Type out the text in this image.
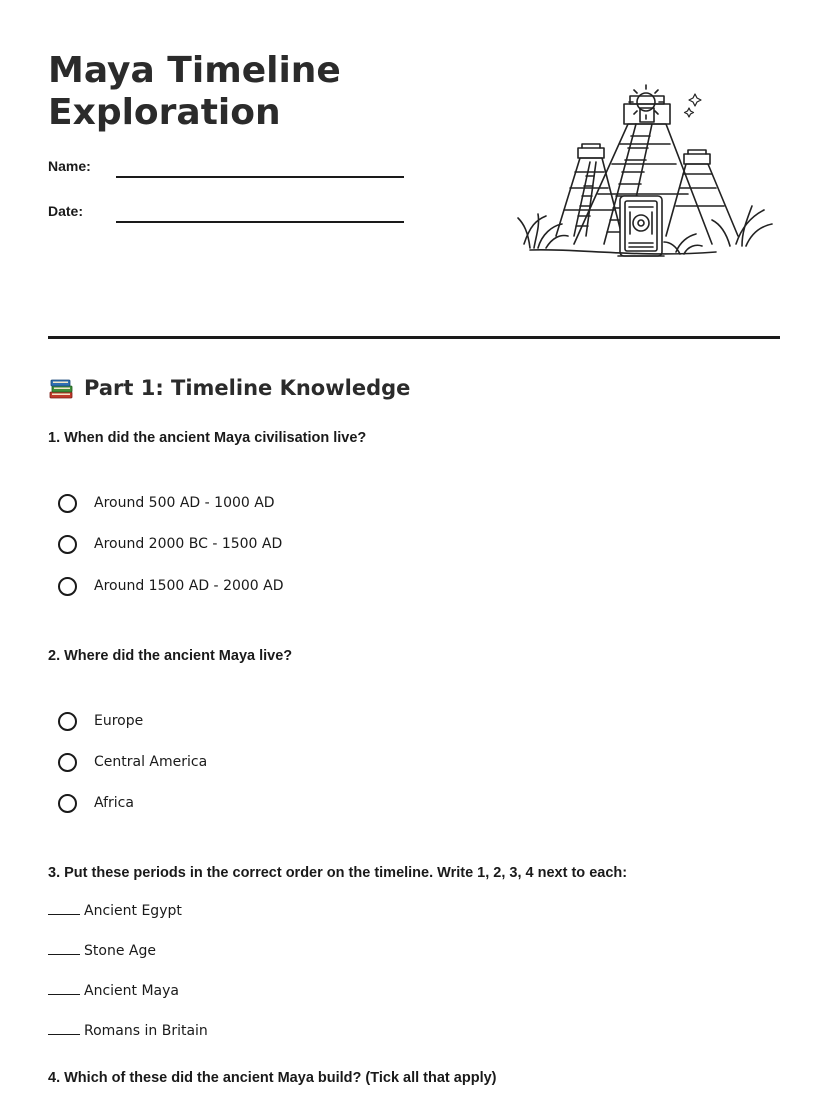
Maya Timeline
Exploration
Name:
Date:
Part 1: Timeline Knowledge
1. When did the ancient Maya civilisation live?
Around 500 AD - 1000 AD
Around 2000 BC - 1500 AD
Around 1500 AD - 2000 AD
2. Where did the ancient Maya live?
Europe
Central America
Africa
3. Put these periods in the correct order on the timeline. Write 1, 2, 3, 4 next to each:
Ancient Egypt
Stone Age
Ancient Maya
Romans in Britain
4. Which of these did the ancient Maya build? (Tick all that apply)
